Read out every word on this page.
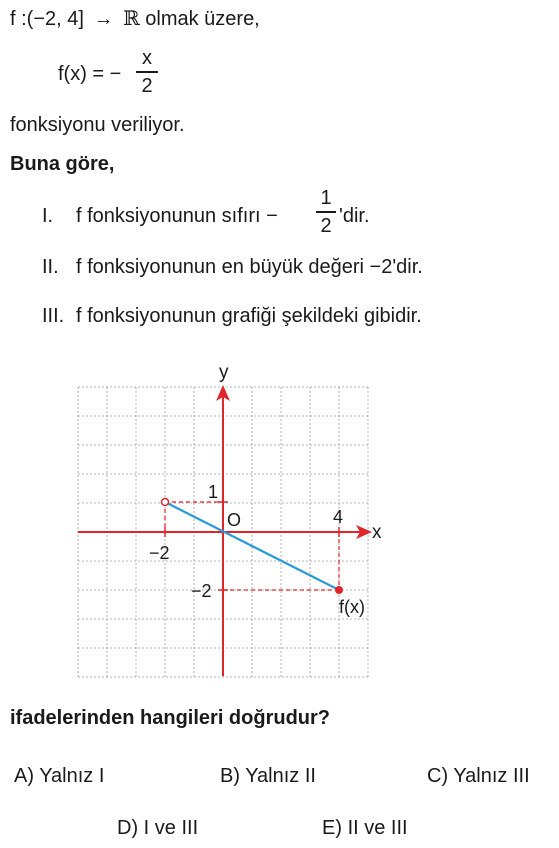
f :(−2, 4] → ℝ olmak üzere,
f(x) = −
x
2
fonksiyonu veriliyor.
Buna göre,
I. f fonksiyonunun sıfırı −
1
2 'dir.
II. f fonksiyonunun en büyük değeri −2'dir.
III. f fonksiyonunun grafiği şekildeki gibidir.
y
x
O
−2
4
1
−2
f(x)
ifadelerinden hangileri doğrudur?
A) Yalnız I	B) Yalnız II	C) Yalnız III
D) I ve III	E) II ve III
